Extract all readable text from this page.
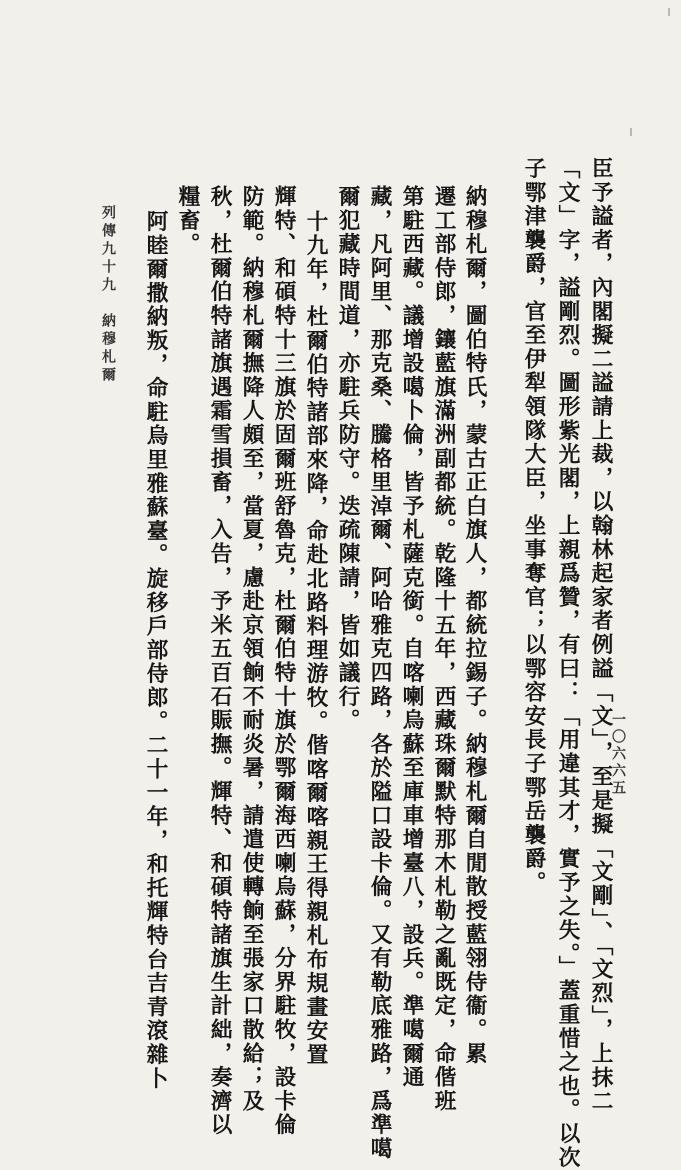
臣予謚者，內閣擬二謚請上裁，以翰林起家者例謚「文」，至是擬「文剛」、「文烈」，上抹二
「文」字，謚剛烈。圖形紫光閣，上親爲贊，有曰：「用違其才，實予之失。」蓋重惜之也。以次
子鄂津襲爵，官至伊犁領隊大臣，坐事奪官；以鄂容安長子鄂岳襲爵。
納穆札爾，圖伯特氏，蒙古正白旗人，都統拉錫子。納穆札爾自閒散授藍翎侍衞。累
遷工部侍郎，鑲藍旗滿洲副都統。乾隆十五年，西藏珠爾默特那木札勒之亂既定，命偕班
第駐西藏。議增設噶卜倫，皆予札薩克銜。自喀喇烏蘇至庫車增臺八，設兵。準噶爾通
藏，凡阿里、那克桑、騰格里淖爾、阿哈雅克四路，各於隘口設卡倫。又有勒底雅路，爲準噶
爾犯藏時間道，亦駐兵防守。迭疏陳請，皆如議行。
十九年，杜爾伯特諸部來降，命赴北路料理游牧。偕喀爾喀親王得親札布規畫安置
輝特、和碩特十三旗於固爾班舒魯克，杜爾伯特十旗於鄂爾海西喇烏蘇，分界駐牧，設卡倫
防範。納穆札爾撫降人頗至，當夏，慮赴京領餉不耐炎暑，請遣使轉餉至張家口散給；及
秋，杜爾伯特諸旗遇霜雪損畜，入告，予米五百石賑撫。輝特、和碩特諸旗生計絀，奏濟以
糧畜。
阿睦爾撒納叛，命駐烏里雅蘇臺。旋移戶部侍郎。二十一年，和托輝特台吉青滾雜卜
列傳九十九　納穆札爾
一〇六六五
